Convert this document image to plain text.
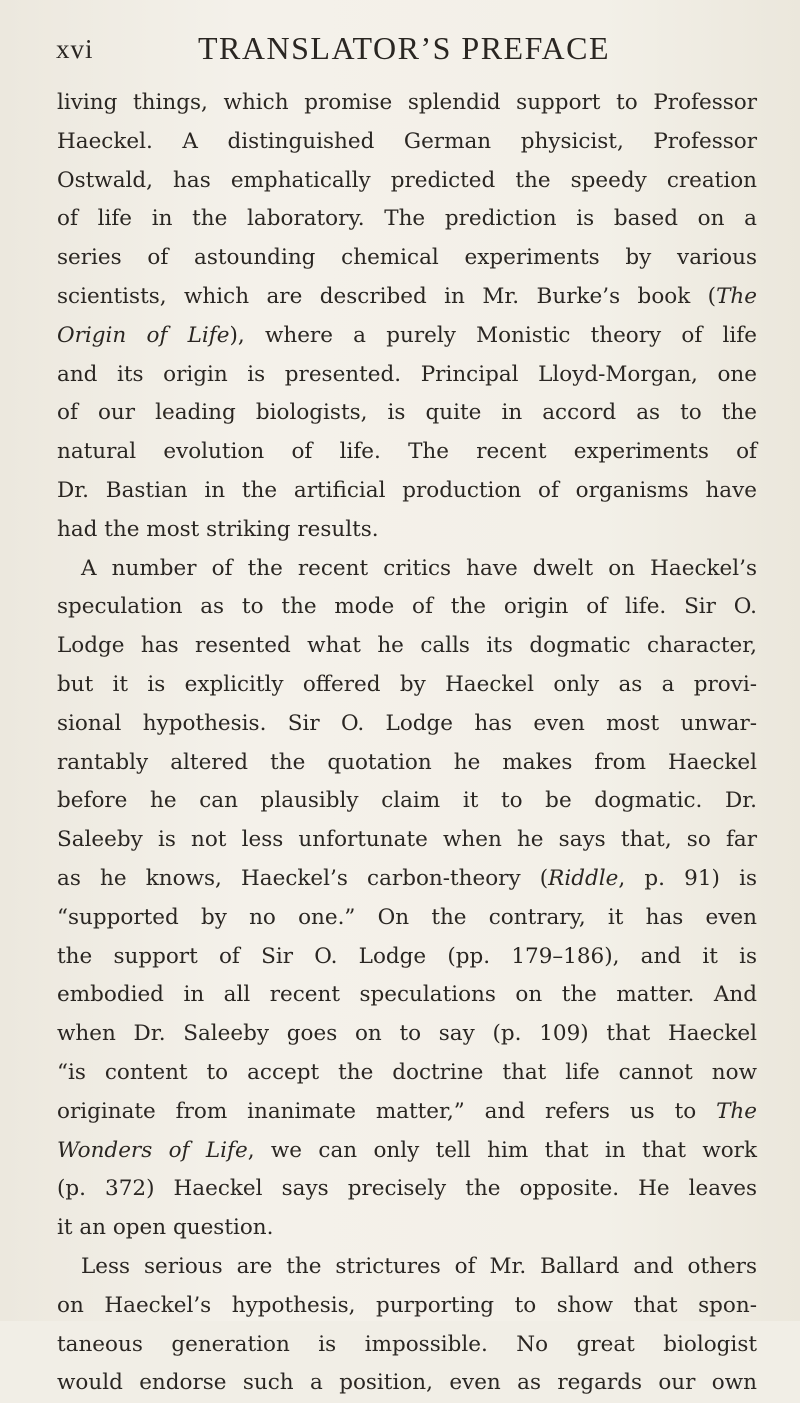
xvi	TRANSLATOR’S PREFACE
living things, which promise splendid support to Professor
Haeckel. A distinguished German physicist, Professor
Ostwald, has emphatically predicted the speedy creation
of life in the laboratory. The prediction is based on a
series of astounding chemical experiments by various
scientists, which are described in Mr. Burke’s book (The
Origin of Life), where a purely Monistic theory of life
and its origin is presented. Principal Lloyd-Morgan, one
of our leading biologists, is quite in accord as to the
natural evolution of life. The recent experiments of
Dr. Bastian in the artificial production of organisms have
had the most striking results.
A number of the recent critics have dwelt on Haeckel’s
speculation as to the mode of the origin of life. Sir O.
Lodge has resented what he calls its dogmatic character,
but it is explicitly offered by Haeckel only as a provi-
sional hypothesis. Sir O. Lodge has even most unwar-
rantably altered the quotation he makes from Haeckel
before he can plausibly claim it to be dogmatic. Dr.
Saleeby is not less unfortunate when he says that, so far
as he knows, Haeckel’s carbon-theory (Riddle, p. 91) is
“supported by no one.” On the contrary, it has even
the support of Sir O. Lodge (pp. 179–186), and it is
embodied in all recent speculations on the matter. And
when Dr. Saleeby goes on to say (p. 109) that Haeckel
“is content to accept the doctrine that life cannot now
originate from inanimate matter,” and refers us to The
Wonders of Life, we can only tell him that in that work
(p. 372) Haeckel says precisely the opposite. He leaves
it an open question.
Less serious are the strictures of Mr. Ballard and others
on Haeckel’s hypothesis, purporting to show that spon-
taneous generation is impossible. No great biologist
would endorse such a position, even as regards our own
